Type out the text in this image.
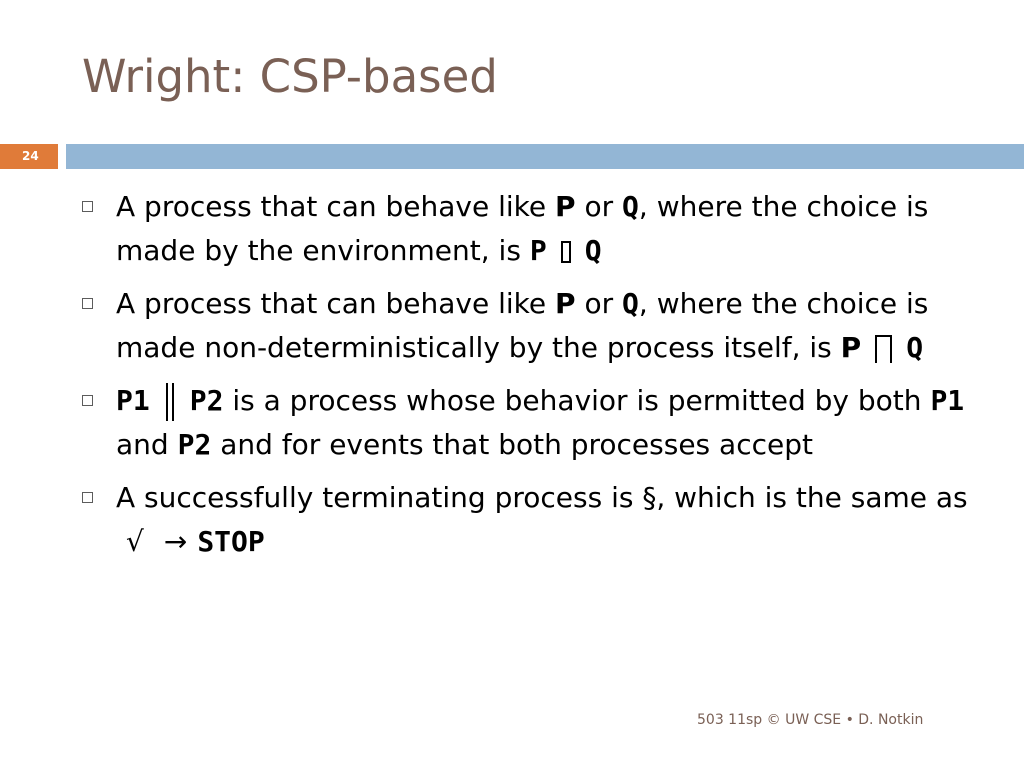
Wright: CSP-based
24
A process that can behave like P or Q, where the choice is made by the environment, is P Q
A process that can behave like P or Q, where the choice is made non-deterministically by the process itself, is P Q
P1 P2 is a process whose behavior is permitted by both P1 and P2 and for events that both processes accept
A successfully terminating process is §, which is the same as √ → STOP
503 11sp © UW CSE • D. Notkin
